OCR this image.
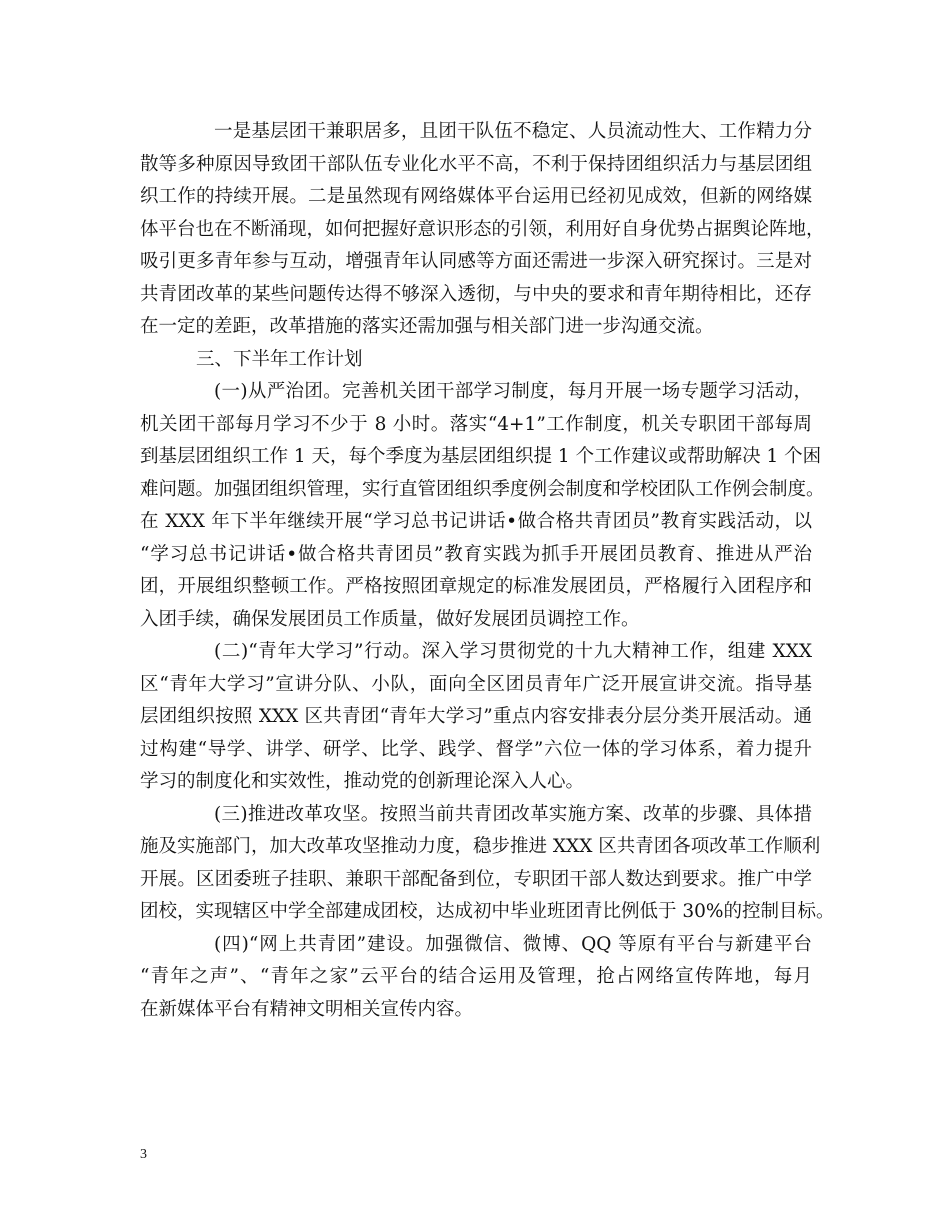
一是基层团干兼职居多，且团干队伍不稳定、人员流动性大、工作精力分
散等多种原因导致团干部队伍专业化水平不高，不利于保持团组织活力与基层团组
织工作的持续开展。二是虽然现有网络媒体平台运用已经初见成效，但新的网络媒
体平台也在不断涌现，如何把握好意识形态的引领，利用好自身优势占据舆论阵地，
吸引更多青年参与互动，增强青年认同感等方面还需进一步深入研究探讨。三是对
共青团改革的某些问题传达得不够深入透彻，与中央的要求和青年期待相比，还存
在一定的差距，改革措施的落实还需加强与相关部门进一步沟通交流。
三、下半年工作计划
(一)从严治团。完善机关团干部学习制度，每月开展一场专题学习活动，
机关团干部每月学习不少于 8 小时。落实“4+1”工作制度，机关专职团干部每周
到基层团组织工作 1 天，每个季度为基层团组织提 1 个工作建议或帮助解决 1 个困
难问题。加强团组织管理，实行直管团组织季度例会制度和学校团队工作例会制度。
在 XXX 年下半年继续开展“学习总书记讲话•做合格共青团员”教育实践活动，以
“学习总书记讲话•做合格共青团员”教育实践为抓手开展团员教育、推进从严治
团，开展组织整顿工作。严格按照团章规定的标准发展团员，严格履行入团程序和
入团手续，确保发展团员工作质量，做好发展团员调控工作。
(二)“青年大学习”行动。深入学习贯彻党的十九大精神工作，组建 XXX
区“青年大学习”宣讲分队、小队，面向全区团员青年广泛开展宣讲交流。指导基
层团组织按照 XXX 区共青团“青年大学习”重点内容安排表分层分类开展活动。通
过构建“导学、讲学、研学、比学、践学、督学”六位一体的学习体系，着力提升
学习的制度化和实效性，推动党的创新理论深入人心。
(三)推进改革攻坚。按照当前共青团改革实施方案、改革的步骤、具体措
施及实施部门，加大改革攻坚推动力度，稳步推进 XXX 区共青团各项改革工作顺利
开展。区团委班子挂职、兼职干部配备到位，专职团干部人数达到要求。推广中学
团校，实现辖区中学全部建成团校，达成初中毕业班团青比例低于 30%的控制目标。
(四)“网上共青团”建设。加强微信、微博、QQ 等原有平台与新建平台
“青年之声”、“青年之家”云平台的结合运用及管理，抢占网络宣传阵地，每月
在新媒体平台有精神文明相关宣传内容。
3
